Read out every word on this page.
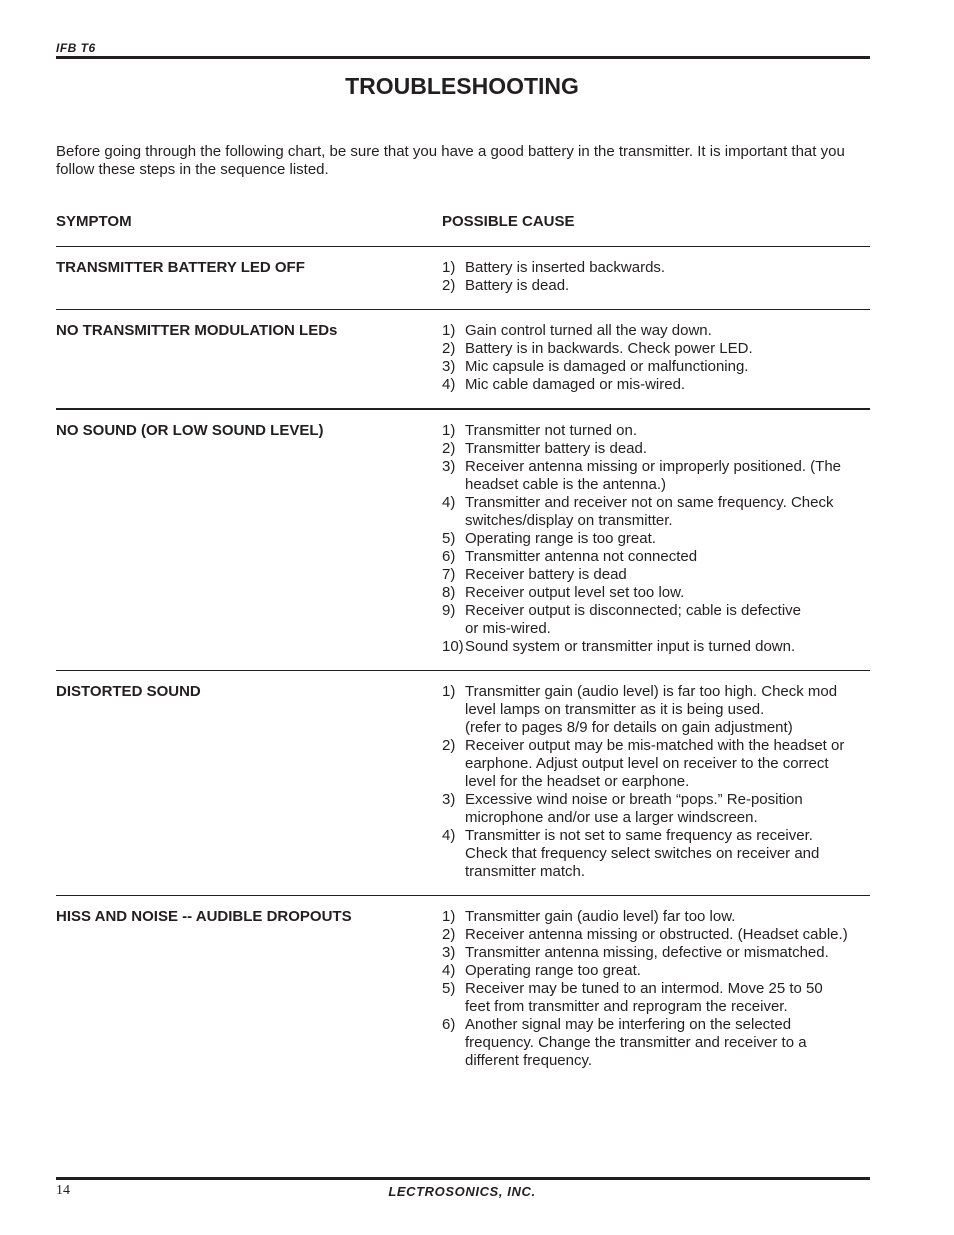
IFB T6
TROUBLESHOOTING

Before going through the following chart, be sure that you have a good battery in the transmitter. It is important that you follow these steps in the sequence listed.

SYMPTOM	POSSIBLE CAUSE
TRANSMITTER BATTERY LED OFF	1) Battery is inserted backwards.
2) Battery is dead.
NO TRANSMITTER MODULATION LEDs	1) Gain control turned all the way down.
2) Battery is in backwards. Check power LED.
3) Mic capsule is damaged or malfunctioning.
4) Mic cable damaged or mis-wired.
NO SOUND (OR LOW SOUND LEVEL)	1) Transmitter not turned on.
2) Transmitter battery is dead.
3) Receiver antenna missing or improperly positioned. (The
headset cable is the antenna.)
4) Transmitter and receiver not on same frequency. Check
switches/display on transmitter.
5) Operating range is too great.
6) Transmitter antenna not connected
7) Receiver battery is dead
8) Receiver output level set too low.
9) Receiver output is disconnected; cable is defective
or mis-wired.
10) Sound system or transmitter input is turned down.
DISTORTED SOUND	1) Transmitter gain (audio level) is far too high. Check mod
level lamps on transmitter as it is being used.
(refer to pages 8/9 for details on gain adjustment)
2) Receiver output may be mis-matched with the headset or
earphone. Adjust output level on receiver to the correct
level for the headset or earphone.
3) Excessive wind noise or breath “pops.” Re-position
microphone and/or use a larger windscreen.
4) Transmitter is not set to same frequency as receiver.
Check that frequency select switches on receiver and
transmitter match.
HISS AND NOISE -- AUDIBLE DROPOUTS	1) Transmitter gain (audio level) far too low.
2) Receiver antenna missing or obstructed. (Headset cable.)
3) Transmitter antenna missing, defective or mismatched.
4) Operating range too great.
5) Receiver may be tuned to an intermod. Move 25 to 50
feet from transmitter and reprogram the receiver.
6) Another signal may be interfering on the selected
frequency. Change the transmitter and receiver to a
different frequency.
14	LECTROSONICS, INC.
